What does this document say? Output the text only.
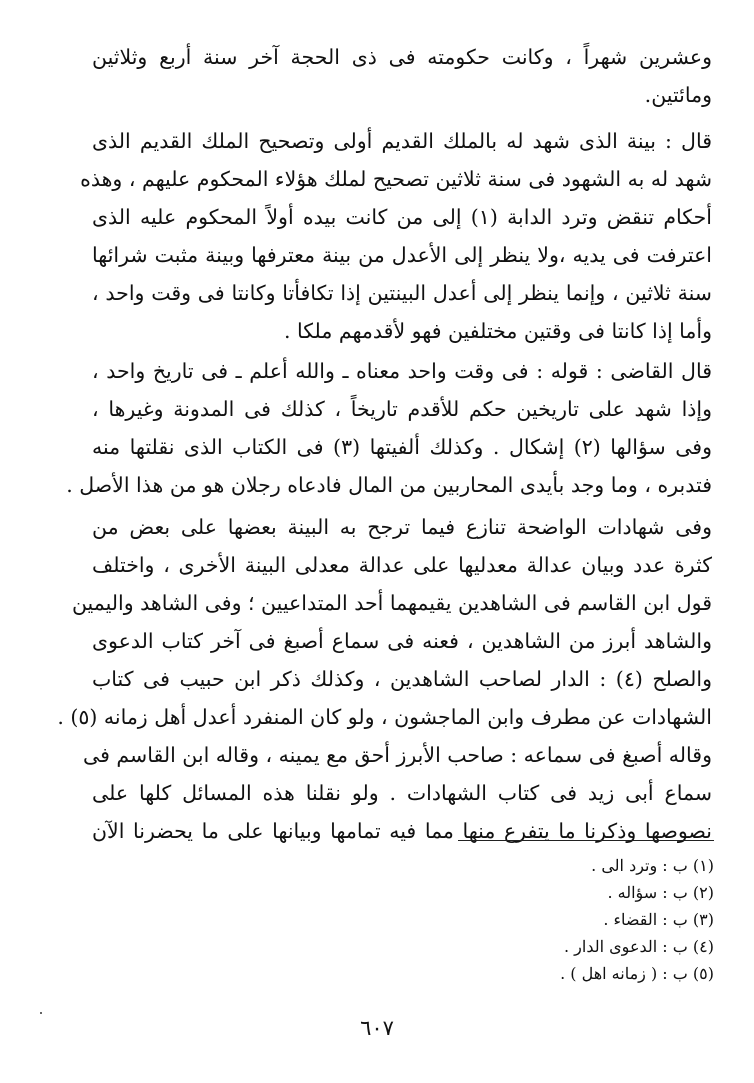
وعشرين شهراً ، وكانت حكومته فى ذى الحجة آخر سنة أربع وثلاثين
ومائتين.
قال : بينة الذى شهد له بالملك القديم أولى وتصحيح الملك القديم الذى
شهد له به الشهود فى سنة ثلاثين تصحيح لملك هؤلاء المحكوم عليهم ، وهذه
أحكام تنقض وترد الدابة (١) إلى من كانت بيده أولاً المحكوم عليه الذى
اعترفت فى يديه ،ولا ينظر إلى الأعدل من بينة معترفها وبينة مثبت شرائها
سنة ثلاثين ، وإنما ينظر إلى أعدل البينتين إذا تكافأتا وكانتا فى وقت واحد ،
وأما إذا كانتا فى وقتين مختلفين فهو لأقدمهم ملكا .
قال القاضى : قوله : فى وقت واحد معناه ـ والله أعلم ـ فى تاريخ واحد ،
وإذا شهد على تاريخين حكم للأقدم تاريخاً ، كذلك فى المدونة وغيرها ،
وفى سؤالها (٢) إشكال . وكذلك ألفيتها (٣) فى الكتاب الذى نقلتها منه
فتدبره ، وما وجد بأيدى المحاربين من المال فادعاه رجلان هو من هذا الأصل .
وفى شهادات الواضحة تنازع فيما ترجح به البينة بعضها على بعض من
كثرة عدد وبيان عدالة معدليها على عدالة معدلى البينة الأخرى ، واختلف
قول ابن القاسم فى الشاهدين يقيمهما أحد المتداعيين ؛ وفى الشاهد واليمين
والشاهد أبرز من الشاهدين ، فعنه فى سماع أصبغ فى آخر كتاب الدعوى
والصلح (٤) : الدار لصاحب الشاهدين ، وكذلك ذكر ابن حبيب فى كتاب
الشهادات عن مطرف وابن الماجشون ، ولو كان المنفرد أعدل أهل زمانه (٥) .
وقاله أصبغ فى سماعه : صاحب الأبرز أحق مع يمينه ، وقاله ابن القاسم فى
سماع أبى زيد فى كتاب الشهادات . ولو نقلنا هذه المسائل كلها على
نصوصها وذكرنا ما يتفرع منها مما فيه تمامها وبيانها على ما يحضرنا الآن
(١) ب : وترد الى .
(٢) ب : سؤاله .
(٣) ب : القضاء .
(٤) ب : الدعوى الدار .
(٥) ب : ( زمانه اهل ) .
٦٠٧
